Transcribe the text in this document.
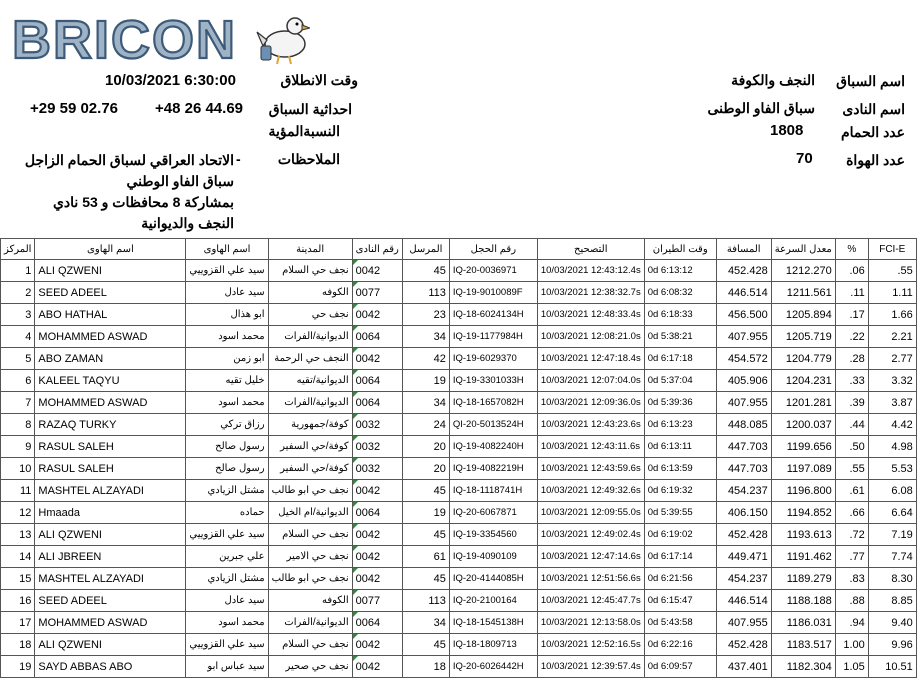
BRICON
اسم السباق
النجف والكوفة
اسم النادى
سباق الفاو الوطنى
عدد الحمام
1808
عدد الهواة
70
وقت الانطلاق
10/03/2021 6:30:00
احداثية السباق
+48 26 44.69
+29 59 02.76
النسبةالمؤية
الملاحظات
-
الاتحاد العراقي لسباق الحمام الزاجل
سباق الفاو الوطني
بمشاركة 8 محافظات و 53 نادي
النجف والديوانية
المركز	اسم الهاوى	اسم الهاوى	المدينة	رقم النادى	المرسل	رقم الحجل	التصحيح	وقت الطيران	المسافة	معدل السرعة	%	FCI-E
1	ALI QZWENI	سيد علي القزوييي	نجف حي السلام	0042	45	IQ-20-0036971	10/03/2021 12:43:12.4s	0d 6:13:12	452.428	1212.270	.06	.55
2	SEED ADEEL	سيد عادل	الكوفه	0077	113	IQ-19-9010089F	10/03/2021 12:38:32.7s	0d 6:08:32	446.514	1211.561	.11	1.11
3	ABO HATHAL	ابو هذال	نجف حي	0042	23	IQ-18-6024134H	10/03/2021 12:48:33.4s	0d 6:18:33	456.500	1205.894	.17	1.66
4	MOHAMMED ASWAD	محمد اسود	الديوانية/الفرات	0064	34	IQ-19-1177984H	10/03/2021 12:08:21.0s	0d 5:38:21	407.955	1205.719	.22	2.21
5	ABO ZAMAN	ابو زمن	النجف حي الرحمة	0042	42	IQ-19-6029370	10/03/2021 12:47:18.4s	0d 6:17:18	454.572	1204.779	.28	2.77
6	KALEEL TAQYU	خليل تقيه	الديوانية/تقيه	0064	19	IQ-19-3301033H	10/03/2021 12:07:04.0s	0d 5:37:04	405.906	1204.231	.33	3.32
7	MOHAMMED ASWAD	محمد اسود	الديوانية/الفرات	0064	34	IQ-18-1657082H	10/03/2021 12:09:36.0s	0d 5:39:36	407.955	1201.281	.39	3.87
8	RAZAQ TURKY	رزاق تركي	كوفة/جمهورية	0032	24	QI-20-5013524H	10/03/2021 12:43:23.6s	0d 6:13:23	448.085	1200.037	.44	4.42
9	RASUL SALEH	رسول صالح	كوفة/حي السفير	0032	20	IQ-19-4082240H	10/03/2021 12:43:11.6s	0d 6:13:11	447.703	1199.656	.50	4.98
10	RASUL SALEH	رسول صالح	كوفة/حي السفير	0032	20	IQ-19-4082219H	10/03/2021 12:43:59.6s	0d 6:13:59	447.703	1197.089	.55	5.53
11	MASHTEL ALZAYADI	مشتل الزيادي	نجف حي ابو طالب	0042	45	IQ-18-1118741H	10/03/2021 12:49:32.6s	0d 6:19:32	454.237	1196.800	.61	6.08
12	Hmaada	حماده	الديوانية/ام الخيل	0064	19	IQ-20-6067871	10/03/2021 12:09:55.0s	0d 5:39:55	406.150	1194.852	.66	6.64
13	ALI QZWENI	سيد علي القزوييي	نجف حي السلام	0042	45	IQ-19-3354560	10/03/2021 12:49:02.4s	0d 6:19:02	452.428	1193.613	.72	7.19
14	ALI JBREEN	علي جبرين	نجف حي الامير	0042	61	IQ-19-4090109	10/03/2021 12:47:14.6s	0d 6:17:14	449.471	1191.462	.77	7.74
15	MASHTEL ALZAYADI	مشتل الزيادي	نجف حي ابو طالب	0042	45	IQ-20-4144085H	10/03/2021 12:51:56.6s	0d 6:21:56	454.237	1189.279	.83	8.30
16	SEED ADEEL	سيد عادل	الكوفه	0077	113	IQ-20-2100164	10/03/2021 12:45:47.7s	0d 6:15:47	446.514	1188.188	.88	8.85
17	MOHAMMED ASWAD	محمد اسود	الديوانية/الفرات	0064	34	IQ-18-1545138H	10/03/2021 12:13:58.0s	0d 5:43:58	407.955	1186.031	.94	9.40
18	ALI QZWENI	سيد علي القزوييي	نجف حي السلام	0042	45	IQ-18-1809713	10/03/2021 12:52:16.5s	0d 6:22:16	452.428	1183.517	1.00	9.96
19	SAYD ABBAS ABO	سيد عباس ابو	نجف حي صحير	0042	18	IQ-20-6026442H	10/03/2021 12:39:57.4s	0d 6:09:57	437.401	1182.304	1.05	10.51
